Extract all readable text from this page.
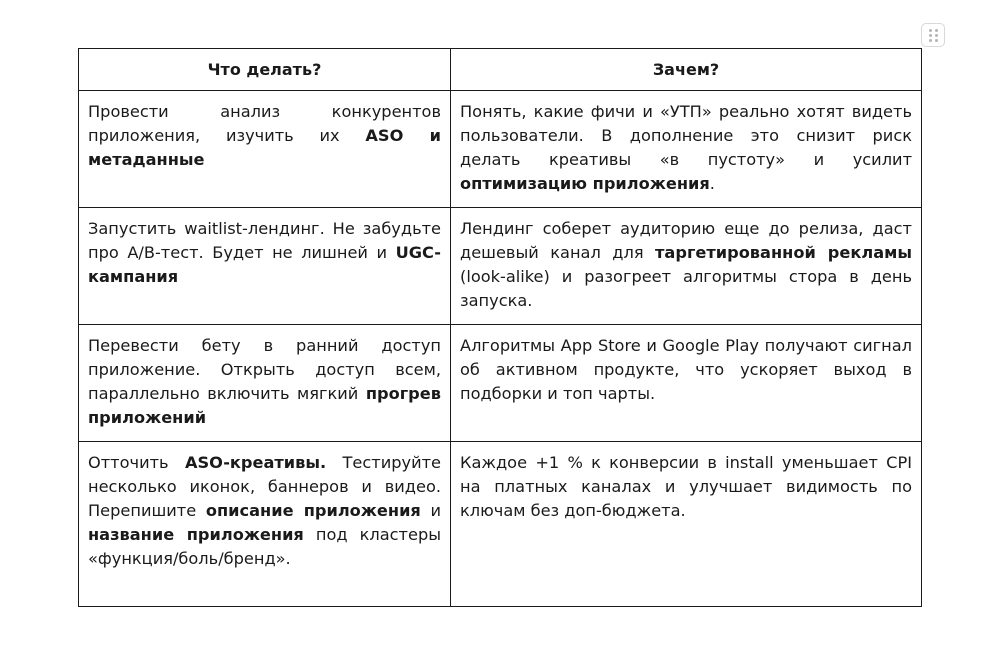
Что делать?	Зачем?
Провести анализ конкурентов приложения, изучить их ASO и метаданные	Понять, какие фичи и «УТП» реально хотят видеть пользователи. В дополнение это снизит риск делать креативы «в пустоту» и усилит оптимизацию приложения.
Запустить waitlist-лендинг. Не забудьте про A/B-тест. Будет не лишней и UGC-кампания	Лендинг соберет аудиторию еще до релиза, даст дешевый канал для таргетированной рекламы (look-alike) и разогреет алгоритмы стора в день запуска.
Перевести бету в ранний доступ приложение. Открыть доступ всем, параллельно включить мягкий прогрев приложений	Алгоритмы App Store и Google Play получают сигнал об активном продукте, что ускоряет выход в подборки и топ чарты.
Отточить ASO-креативы. Тестируйте несколько иконок, баннеров и видео. Перепишите описание приложения и название приложения под кластеры «функция/боль/бренд».	Каждое +1 % к конверсии в install уменьшает CPI на платных каналах и улучшает видимость по ключам без доп-бюджета.
